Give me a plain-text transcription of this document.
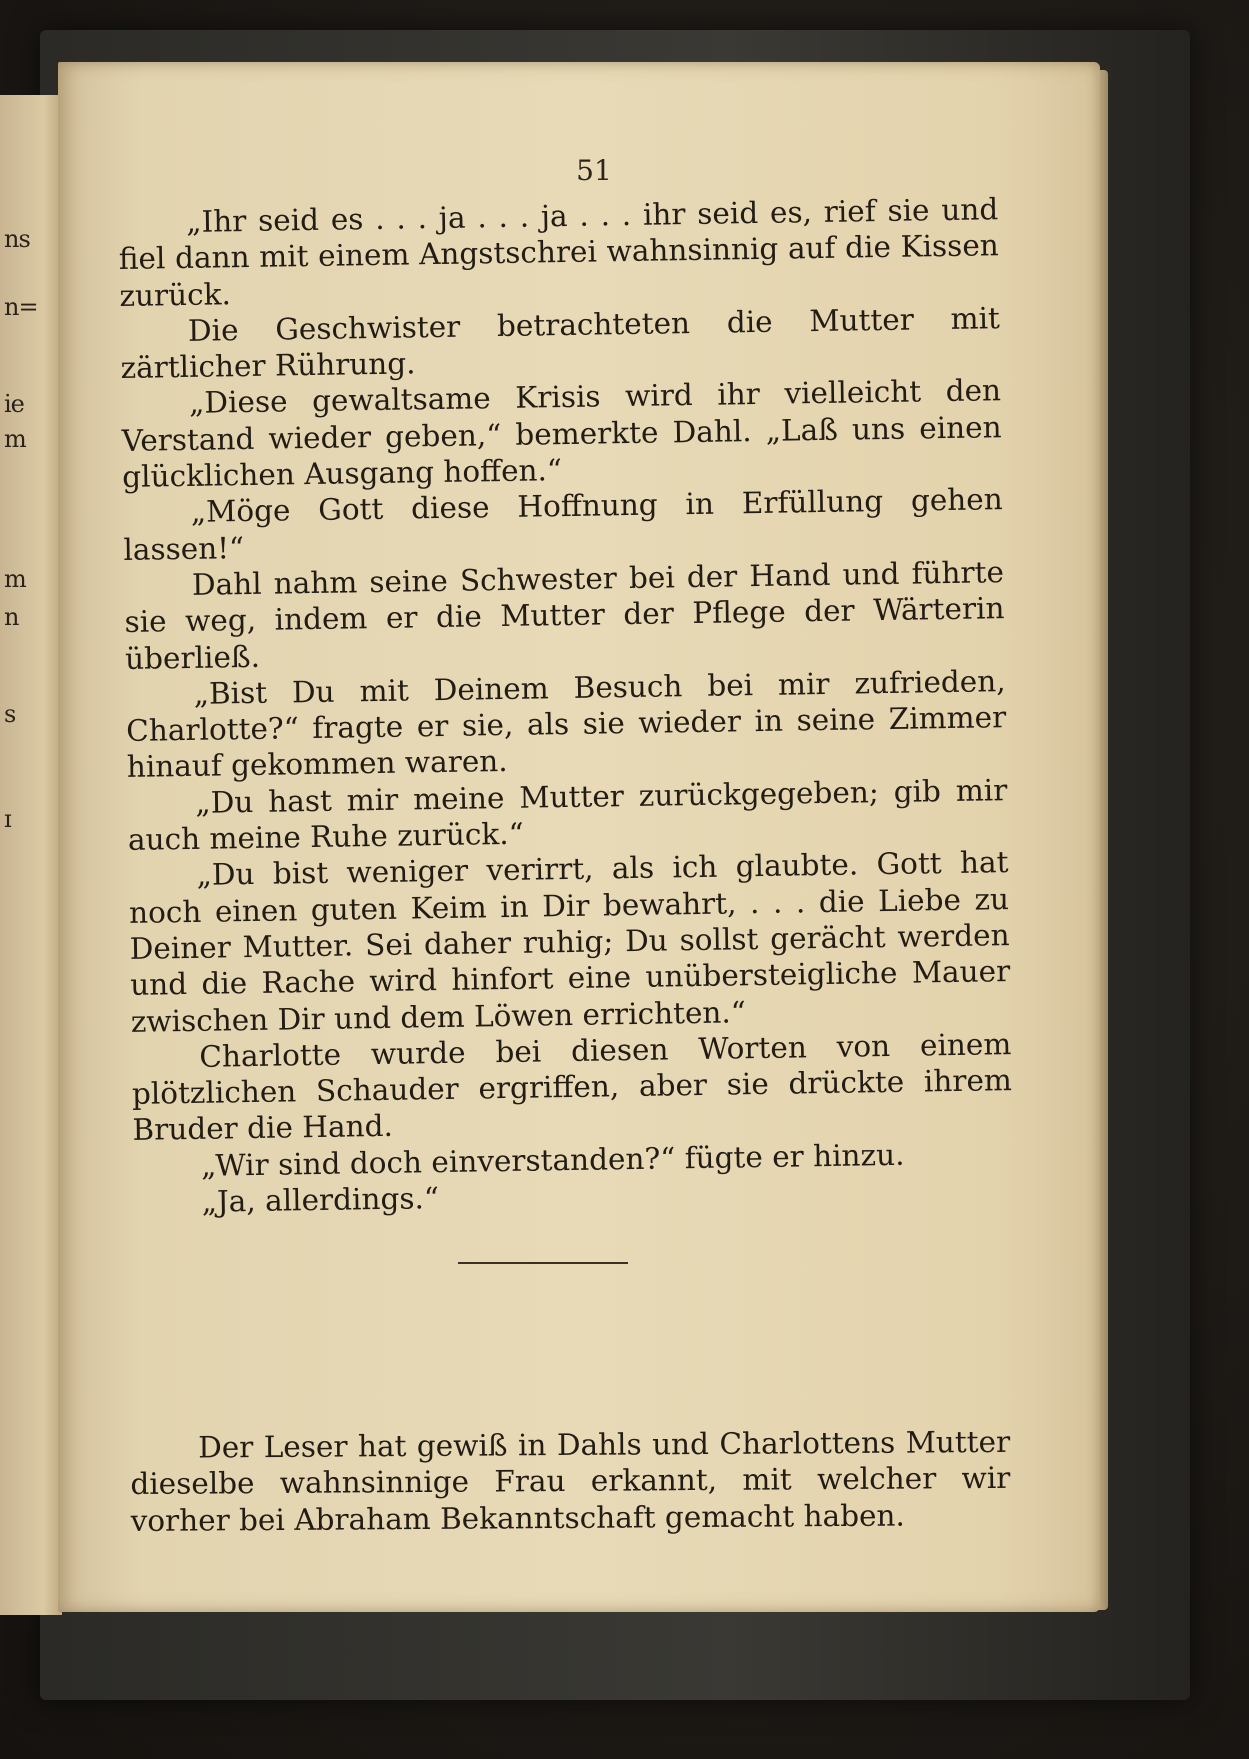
ns
n=
ie
m
m
n
s
ɪ
51

„Ihr seid es . . . ja . . . ja . . . ihr seid es, rief sie und fiel dann mit einem Angstschrei wahnsinnig auf die Kissen zurück.

Die Geschwister betrachteten die Mutter mit zärtlicher Rührung.

„Diese gewaltsame Krisis wird ihr vielleicht den Verstand wieder geben,“ bemerkte Dahl. „Laß uns einen glücklichen Ausgang hoffen.“

„Möge Gott diese Hoffnung in Erfüllung gehen lassen!“

Dahl nahm seine Schwester bei der Hand und führte sie weg, indem er die Mutter der Pflege der Wärterin überließ.

„Bist Du mit Deinem Besuch bei mir zufrieden, Charlotte?“ fragte er sie, als sie wieder in seine Zimmer hinauf gekommen waren.

„Du hast mir meine Mutter zurückgegeben; gib mir auch meine Ruhe zurück.“

„Du bist weniger verirrt, als ich glaubte. Gott hat noch einen guten Keim in Dir bewahrt, . . . die Liebe zu Deiner Mutter. Sei daher ruhig; Du sollst gerächt werden und die Rache wird hinfort eine unübersteigliche Mauer zwischen Dir und dem Löwen errichten.“

Charlotte wurde bei diesen Worten von einem plötzlichen Schauder ergriffen, aber sie drückte ihrem Bruder die Hand.

„Wir sind doch einverstanden?“ fügte er hinzu.

„Ja, allerdings.“

Der Leser hat gewiß in Dahls und Charlottens Mutter dieselbe wahnsinnige Frau erkannt, mit welcher wir vorher bei Abraham Bekanntschaft gemacht haben.
